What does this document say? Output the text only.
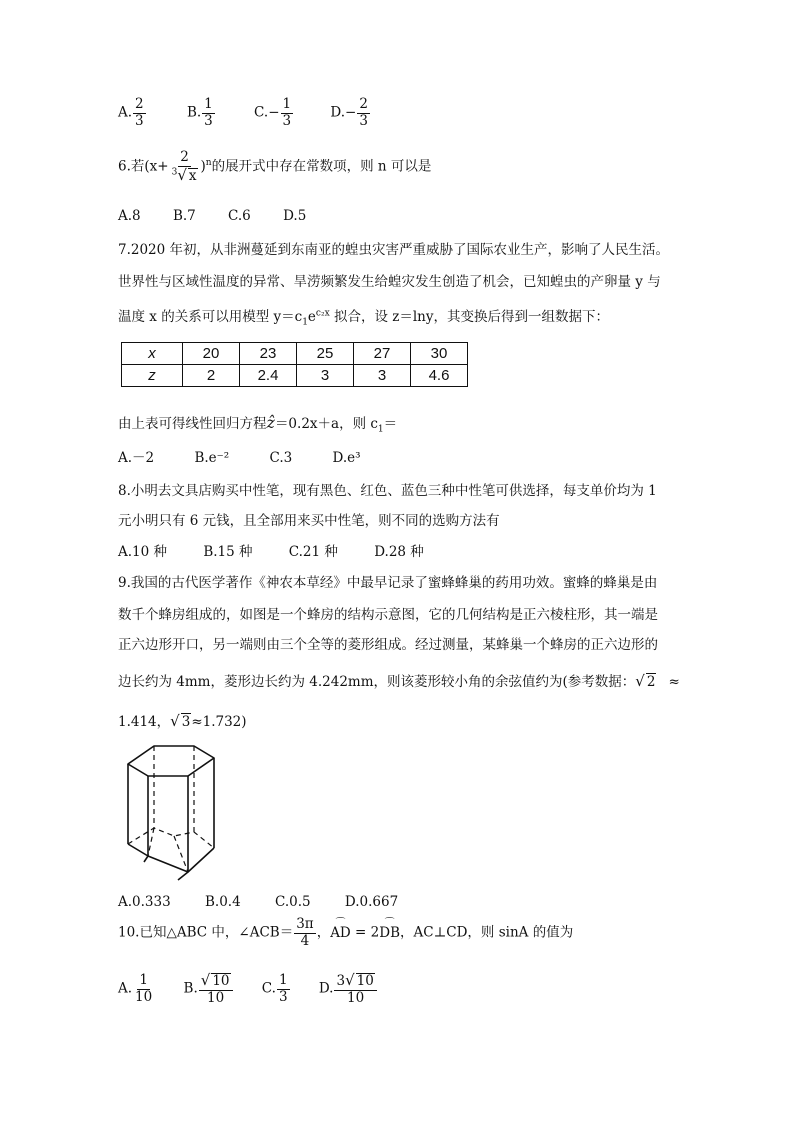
A. $\frac{2}{3}$	B. $\frac{1}{3}$	$C.- \frac{1}{3}$	$D.- \frac{2}{3}$
6.若$(x+ \frac{2}{^3√ x} )^n$的展开式中存在常数项，则 n 可以是
A.8 B.7 C.6 D.5
7.2020 年初，从非洲蔓延到东南亚的蝗虫灾害严重威胁了国际农业生产，影响了人民生活。
世界性与区域性温度的异常、旱涝频繁发生给蝗灾发生创造了机会，已知蝗虫的产卵量 y 与
温度 x 的关系可以用模型 $y=c_1e^{c_2x}$ 拟合，设 z＝lny，其变换后得到一组数据下：
x	20	23	25	27	30
z	2	2.4	3	3	4.6
由上表可得线性回归方程ẑ＝0.2x＋a，则 $c_1=$
A.－2	B.e⁻²	C.3	D.e³
8.小明去文具店购买中性笔，现有黑色、红色、蓝色三种中性笔可供选择，每支单价均为 1
元小明只有 6 元钱，且全部用来买中性笔，则不同的选购方法有
A.10 种	B.15 种	C.21 种	D.28 种
9.我国的古代医学著作《神农本草经》中最早记录了蜜蜂蜂巢的药用功效。蜜蜂的蜂巢是由
数千个蜂房组成的，如图是一个蜂房的结构示意图，它的几何结构是正六棱柱形，其一端是
正六边形开口，另一端则由三个全等的菱形组成。经过测量，某蜂巢一个蜂房的正六边形的
边长约为 4mm，菱形边长约为 4.242mm，则该菱形较小角的余弦值约为(参考数据：√ 2 ≈
1.414，√ 3≈1.732)
A.0.333	B.0.4	C.0.5	D.0.667
10.已知△ABC 中，∠ACB＝ $\frac{3\pi}{4}$ ，⌒ AD = 2⌒ DB，AC⊥CD，则 sinA 的值为
A. $\frac{1}{10} B$. $\frac{√ 10}{10} C$. $\frac{1}{3} D$. $\frac{3√ 10}{10}$
